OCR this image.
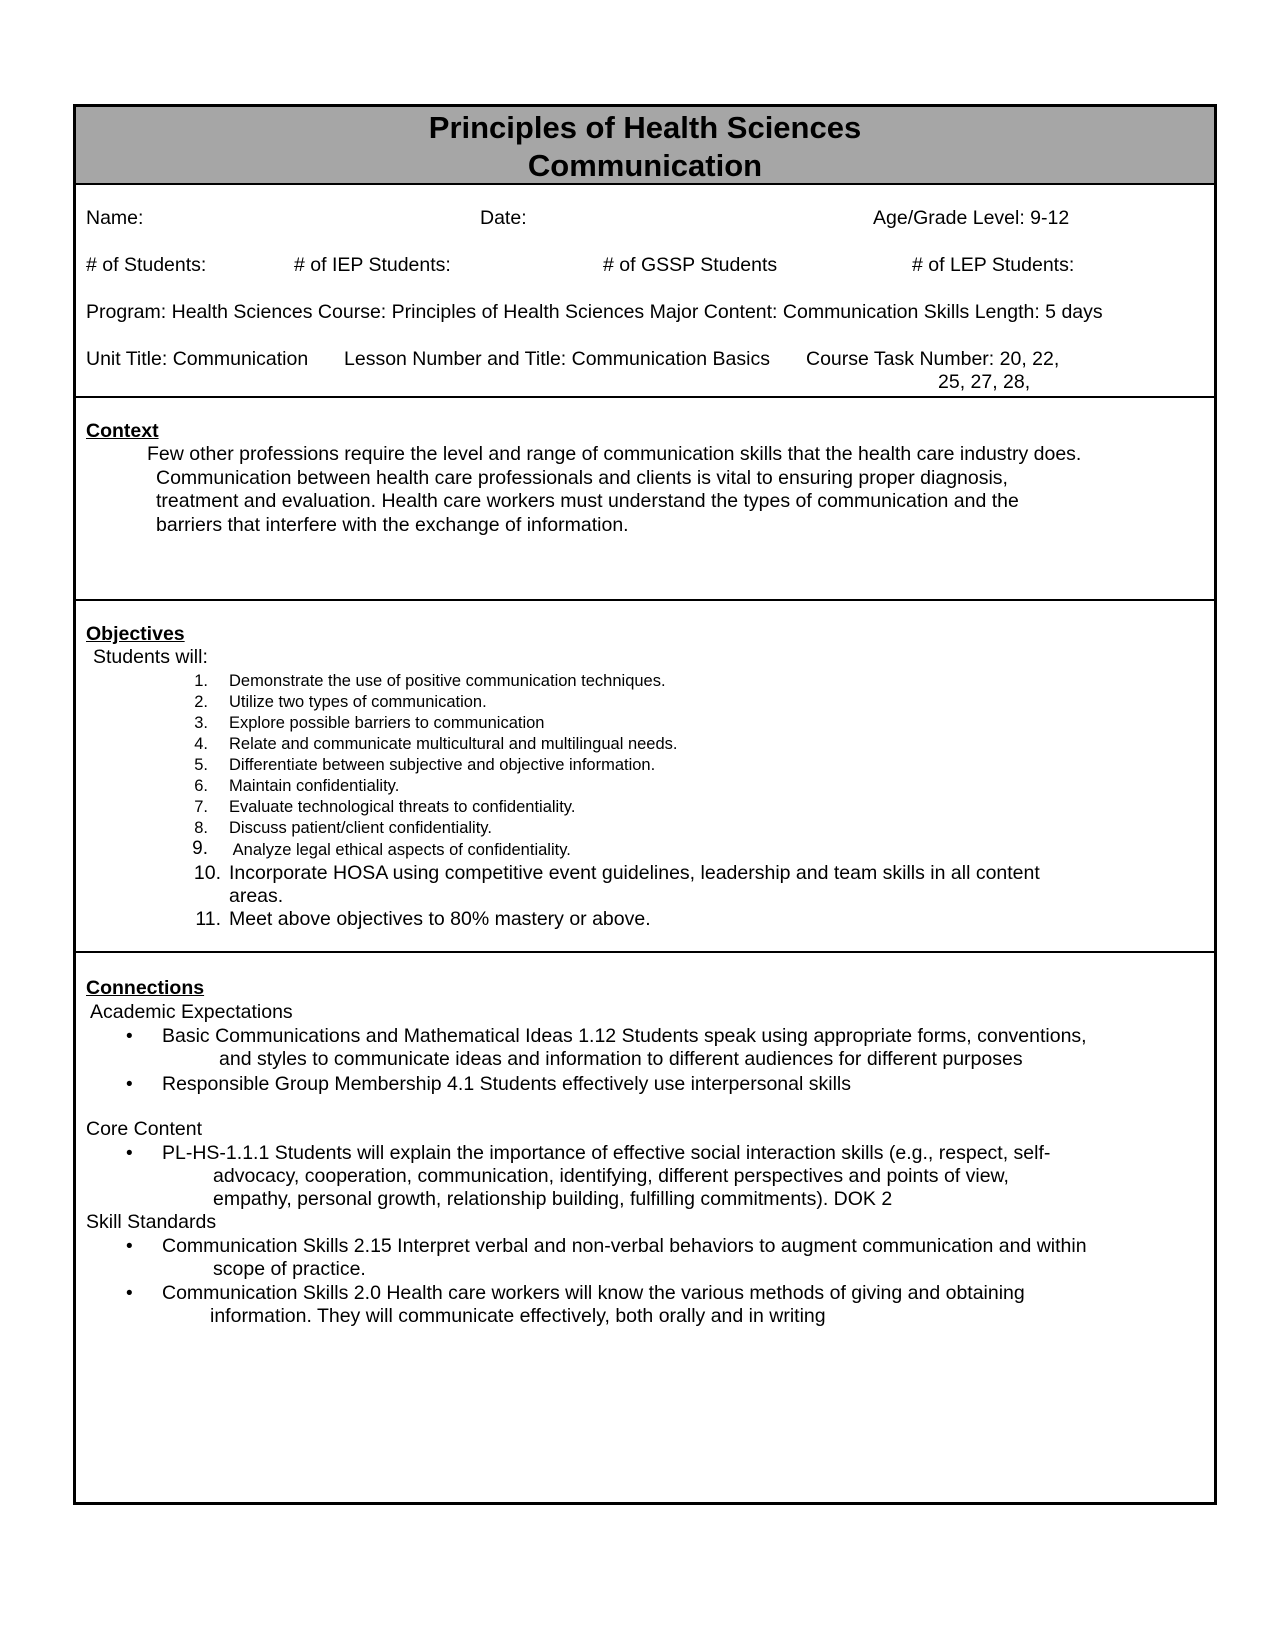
Principles of Health Sciences
Communication
Name:	Date:	Age/Grade Level: 9-12
# of Students:	# of IEP Students:	# of GSSP Students	# of LEP Students:
Program: Health Sciences Course: Principles of Health Sciences Major Content: Communication Skills Length: 5 days
Unit Title: Communication Lesson Number and Title: Communication Basics Course Task Number: 20, 22,
25, 27, 28,
Context
Few other professions require the level and range of communication skills that the health care industry does.
Communication between health care professionals and clients is vital to ensuring proper diagnosis,
treatment and evaluation. Health care workers must understand the types of communication and the
barriers that interfere with the exchange of information.
Objectives
Students will:
1. Demonstrate the use of positive communication techniques.
2. Utilize two types of communication.
3. Explore possible barriers to communication
4. Relate and communicate multicultural and multilingual needs.
5. Differentiate between subjective and objective information.
6. Maintain confidentiality.
7. Evaluate technological threats to confidentiality.
8. Discuss patient/client confidentiality.
9. Analyze legal ethical aspects of confidentiality.
10. Incorporate HOSA using competitive event guidelines, leadership and team skills in all content
areas.
11. Meet above objectives to 80% mastery or above.
Connections
Academic Expectations
• Basic Communications and Mathematical Ideas 1.12 Students speak using appropriate forms, conventions,
and styles to communicate ideas and information to different audiences for different purposes
• Responsible Group Membership 4.1 Students effectively use interpersonal skills
Core Content
• PL-HS-1.1.1 Students will explain the importance of effective social interaction skills (e.g., respect, self-
advocacy, cooperation, communication, identifying, different perspectives and points of view,
empathy, personal growth, relationship building, fulfilling commitments). DOK 2
Skill Standards
• Communication Skills 2.15 Interpret verbal and non-verbal behaviors to augment communication and within
scope of practice.
• Communication Skills 2.0 Health care workers will know the various methods of giving and obtaining
information. They will communicate effectively, both orally and in writing
